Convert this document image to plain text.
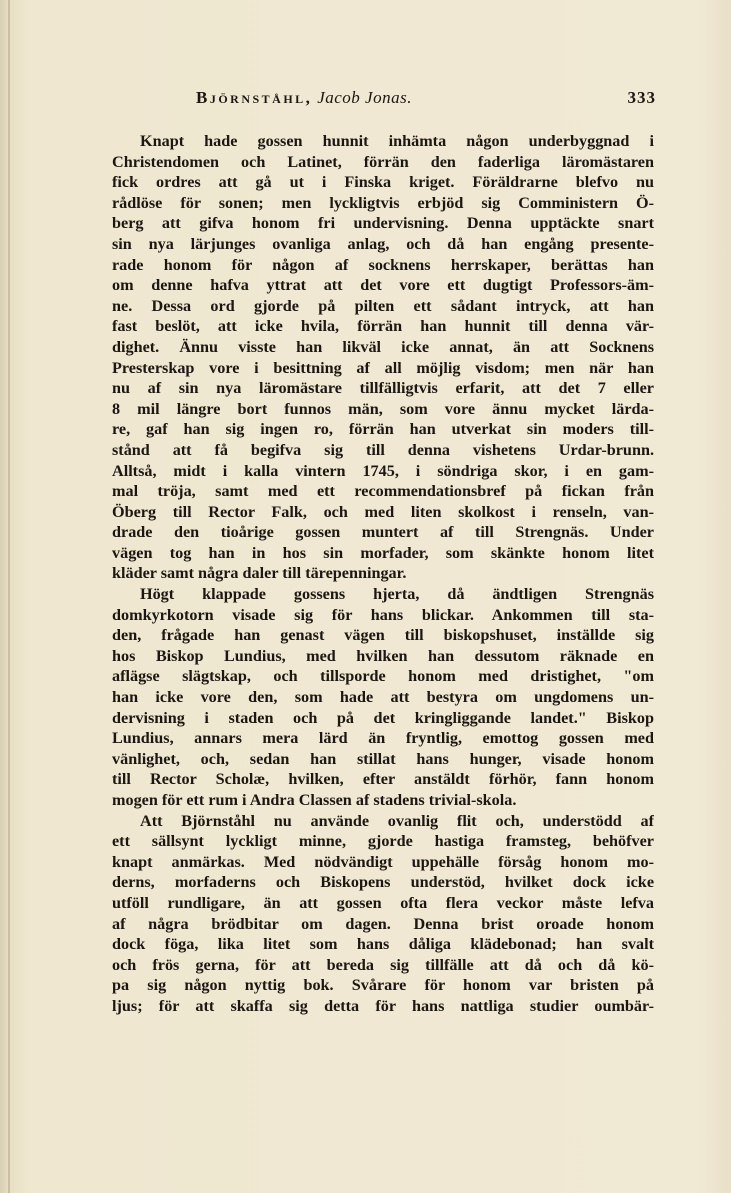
Björnståhl, Jacob Jonas.	333
Knapt hade gossen hunnit inhämta någon underbyggnad i
Christendomen och Latinet, förrän den faderliga läromästaren
fick ordres att gå ut i Finska kriget. Föräldrarne blefvo nu
rådlöse för sonen; men lyckligtvis erbjöd sig Comministern Ö-
berg att gifva honom fri undervisning. Denna upptäckte snart
sin nya lärjunges ovanliga anlag, och då han engång presente-
rade honom för någon af socknens herrskaper, berättas han
om denne hafva yttrat att det vore ett dugtigt Professors-äm-
ne. Dessa ord gjorde på pilten ett sådant intryck, att han
fast beslöt, att icke hvila, förrän han hunnit till denna vär-
dighet. Ännu visste han likväl icke annat, än att Socknens
Presterskap vore i besittning af all möjlig visdom; men när han
nu af sin nya läromästare tillfälligtvis erfarit, att det 7 eller
8 mil längre bort funnos män, som vore ännu mycket lärda-
re, gaf han sig ingen ro, förrän han utverkat sin moders till-
stånd att få begifva sig till denna vishetens Urdar-brunn.
Alltså, midt i kalla vintern 1745, i söndriga skor, i en gam-
mal tröja, samt med ett recommendationsbref på fickan från
Öberg till Rector Falk, och med liten skolkost i renseln, van-
drade den tioårige gossen muntert af till Strengnäs. Under
vägen tog han in hos sin morfader, som skänkte honom litet
kläder samt några daler till tärepenningar.
Högt klappade gossens hjerta, då ändtligen Strengnäs
domkyrkotorn visade sig för hans blickar. Ankommen till sta-
den, frågade han genast vägen till biskopshuset, inställde sig
hos Biskop Lundius, med hvilken han dessutom räknade en
aflägse slägtskap, och tillsporde honom med dristighet, "om
han icke vore den, som hade att bestyra om ungdomens un-
dervisning i staden och på det kringliggande landet." Biskop
Lundius, annars mera lärd än fryntlig, emottog gossen med
vänlighet, och, sedan han stillat hans hunger, visade honom
till Rector Scholæ, hvilken, efter anstäldt förhör, fann honom
mogen för ett rum i Andra Classen af stadens trivial-skola.
Att Björnståhl nu använde ovanlig flit och, understödd af
ett sällsynt lyckligt minne, gjorde hastiga framsteg, behöfver
knapt anmärkas. Med nödvändigt uppehälle försåg honom mo-
derns, morfaderns och Biskopens understöd, hvilket dock icke
utföll rundligare, än att gossen ofta flera veckor måste lefva
af några brödbitar om dagen. Denna brist oroade honom
dock föga, lika litet som hans dåliga klädebonad; han svalt
och frös gerna, för att bereda sig tillfälle att då och då kö-
pa sig någon nyttig bok. Svårare för honom var bristen på
ljus; för att skaffa sig detta för hans nattliga studier oumbär-
